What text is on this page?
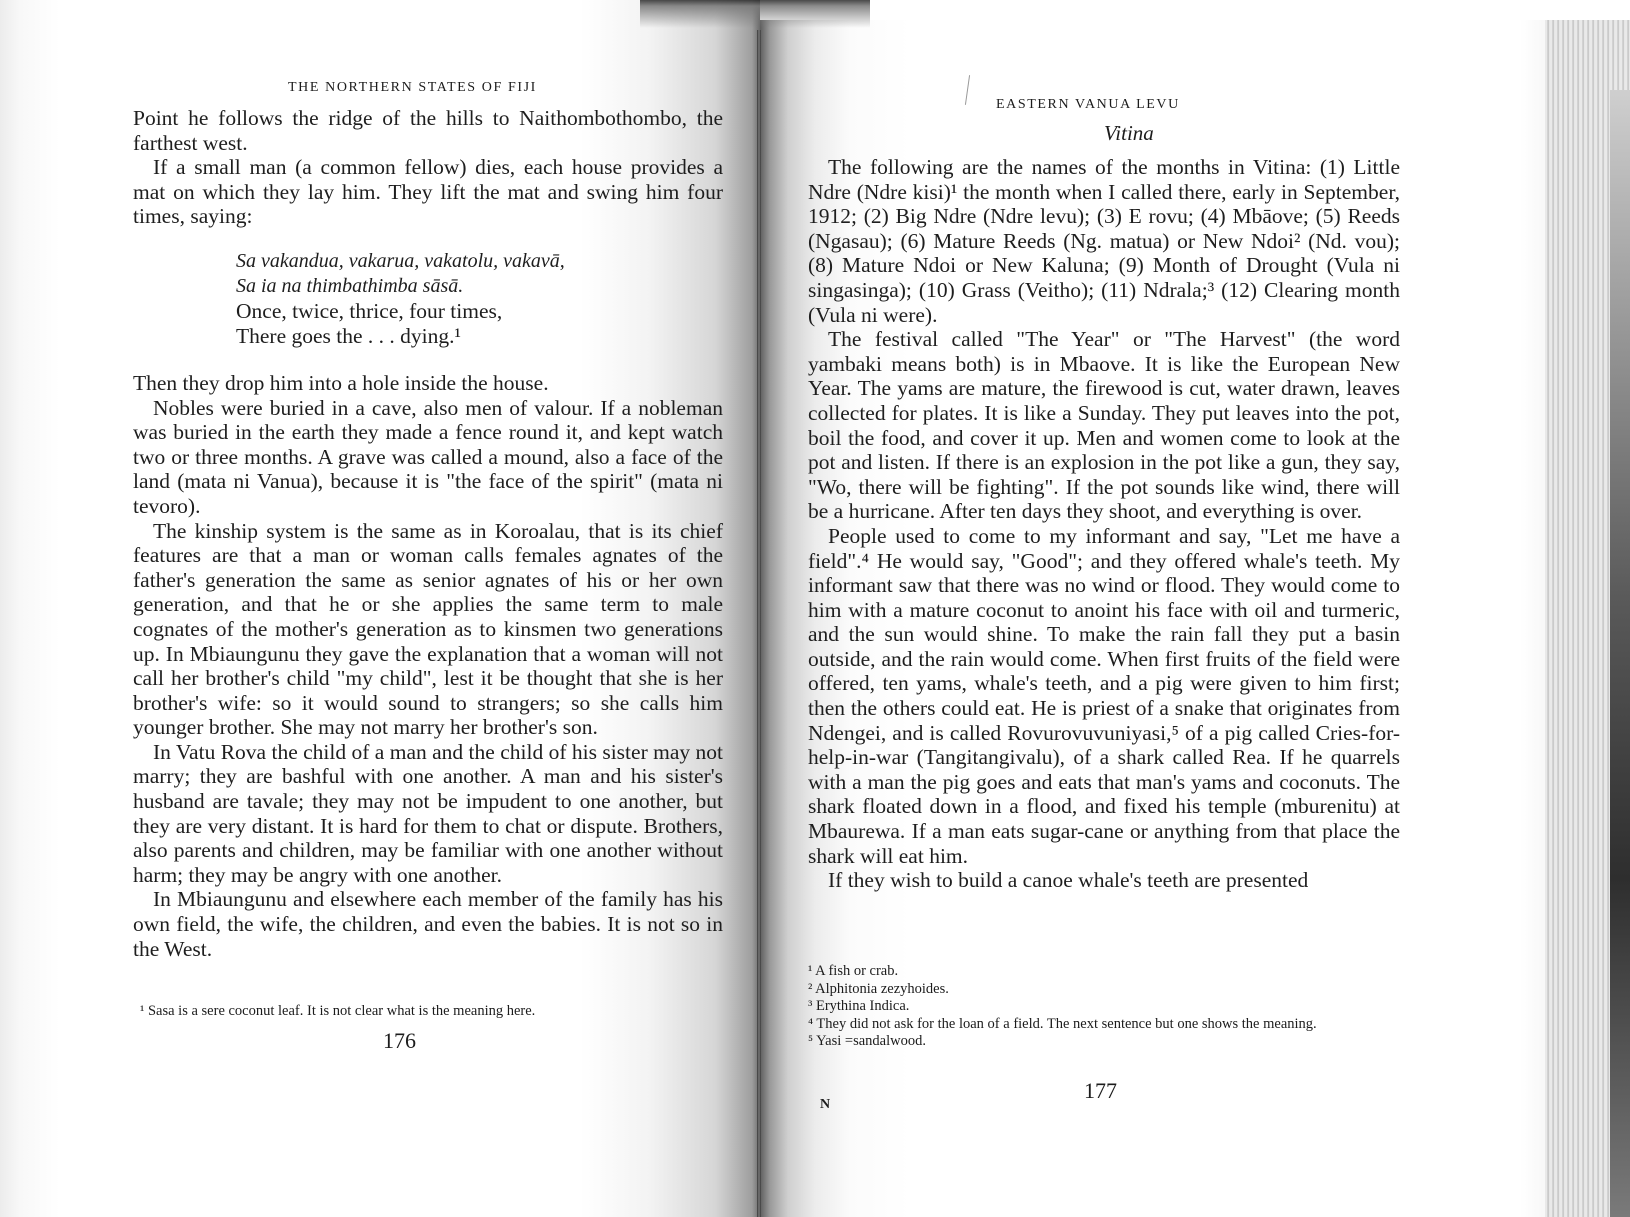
THE NORTHERN STATES OF FIJI

Point he follows the ridge of the hills to Naithombothombo, the farthest west.

If a small man (a common fellow) dies, each house provides a mat on which they lay him. They lift the mat and swing him four times, saying:

Sa vakandua, vakarua, vakatolu, vakavā,
Sa ia na thimbathimba sāsā.
Once, twice, thrice, four times,
There goes the . . . dying.¹

Then they drop him into a hole inside the house.

Nobles were buried in a cave, also men of valour. If a nobleman was buried in the earth they made a fence round it, and kept watch two or three months. A grave was called a mound, also a face of the land (mata ni Vanua), because it is "the face of the spirit" (mata ni tevoro).

The kinship system is the same as in Koroalau, that is its chief features are that a man or woman calls females agnates of the father's generation the same as senior agnates of his or her own generation, and that he or she applies the same term to male cognates of the mother's generation as to kinsmen two generations up. In Mbiaungunu they gave the explanation that a woman will not call her brother's child "my child", lest it be thought that she is her brother's wife: so it would sound to strangers; so she calls him younger brother. She may not marry her brother's son.

In Vatu Rova the child of a man and the child of his sister may not marry; they are bashful with one another. A man and his sister's husband are tavale; they may not be impudent to one another, but they are very distant. It is hard for them to chat or dispute. Brothers, also parents and children, may be familiar with one another without harm; they may be angry with one another.

In Mbiaungunu and elsewhere each member of the family has his own field, the wife, the children, and even the babies. It is not so in the West.

¹ Sasa is a sere coconut leaf. It is not clear what is the meaning here.
176
EASTERN VANUA LEVU
Vitina

The following are the names of the months in Vitina: (1) Little Ndre (Ndre kisi)¹ the month when I called there, early in September, 1912; (2) Big Ndre (Ndre levu); (3) E rovu; (4) Mbāove; (5) Reeds (Ngasau); (6) Mature Reeds (Ng. matua) or New Ndoi² (Nd. vou); (8) Mature Ndoi or New Kaluna; (9) Month of Drought (Vula ni singasinga); (10) Grass (Veitho); (11) Ndrala;³ (12) Clearing month (Vula ni were).

The festival called "The Year" or "The Harvest" (the word yambaki means both) is in Mbaove. It is like the European New Year. The yams are mature, the firewood is cut, water drawn, leaves collected for plates. It is like a Sunday. They put leaves into the pot, boil the food, and cover it up. Men and women come to look at the pot and listen. If there is an explosion in the pot like a gun, they say, "Wo, there will be fighting". If the pot sounds like wind, there will be a hurricane. After ten days they shoot, and everything is over.

People used to come to my informant and say, "Let me have a field".⁴ He would say, "Good"; and they offered whale's teeth. My informant saw that there was no wind or flood. They would come to him with a mature coconut to anoint his face with oil and turmeric, and the sun would shine. To make the rain fall they put a basin outside, and the rain would come. When first fruits of the field were offered, ten yams, whale's teeth, and a pig were given to him first; then the others could eat. He is priest of a snake that originates from Ndengei, and is called Rovurovuvuniyasi,⁵ of a pig called Cries-for-help-in-war (Tangitangivalu), of a shark called Rea. If he quarrels with a man the pig goes and eats that man's yams and coconuts. The shark floated down in a flood, and fixed his temple (mburenitu) at Mbaurewa. If a man eats sugar-cane or anything from that place the shark will eat him.

If they wish to build a canoe whale's teeth are presented

¹ A fish or crab.
² Alphitonia zezyhoides.
³ Erythina Indica.
⁴ They did not ask for the loan of a field. The next sentence but one shows the meaning.
⁵ Yasi =sandalwood.
177
N
